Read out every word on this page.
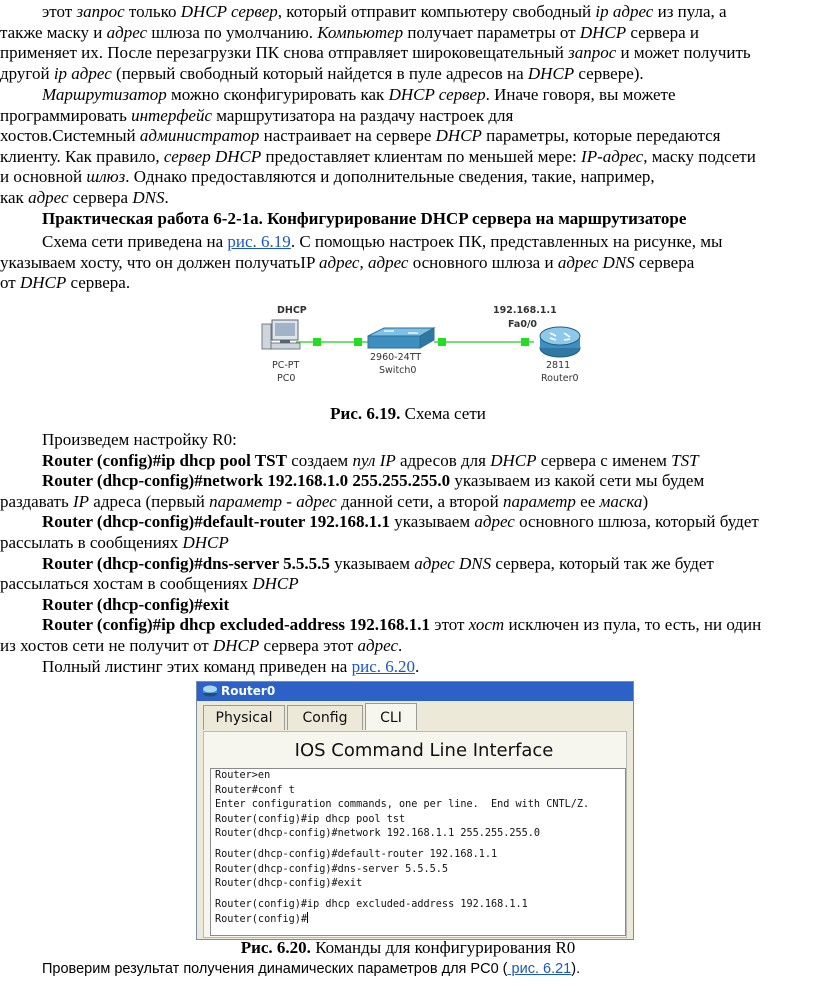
этот запрос только DHCP сервер, который отправит компьютеру свободный ip адрес из пула, а

также маску и адрес шлюза по умолчанию. Компьютер получает параметры от DHCP сервера и

применяет их. После перезагрузки ПК снова отправляет широковещательный запрос и может получить

другой ip адрес (первый свободный который найдется в пуле адресов на DHCP сервере).

Маршрутизатор можно сконфигурировать как DHCP сервер. Иначе говоря, вы можете

программировать интерфейс маршрутизатора на раздачу настроек для

хостов.Системный администратор настраивает на сервере DHCP параметры, которые передаются

клиенту. Как правило, сервер DHCP предоставляет клиентам по меньшей мере: IP-адрес, маску подсети

и основной шлюз. Однако предоставляются и дополнительные сведения, такие, например,

как адрес сервера DNS.

Практическая работа 6-2-1а. Конфигурирование DHCP сервера на маршрутизаторе

Схема сети приведена на рис. 6.19. С помощью настроек ПК, представленных на рисунке, мы

указываем хосту, что он должен получатьIP адрес, адрес основного шлюза и адрес DNS сервера

от DHCP сервера.

DHCP
PC-PT
PC0
2960-24TT
Switch0
192.168.1.1
Fa0/0
2811
Router0
Рис. 6.19. Схема сети

Произведем настройку R0:

Router (config)#ip dhcp pool TST создаем пул IP адресов для DHCP сервера с именем TST

Router (dhcp-config)#network 192.168.1.0 255.255.255.0 указываем из какой сети мы будем

раздавать IP адреса (первый параметр - адрес данной сети, а второй параметр ее маска)

Router (dhcp-config)#default-router 192.168.1.1 указываем адрес основного шлюза, который будет

рассылать в сообщениях DHCP

Router (dhcp-config)#dns-server 5.5.5.5 указываем адрес DNS сервера, который так же будет

рассылаться хостам в сообщениях DHCP

Router (dhcp-config)#exit

Router (config)#ip dhcp excluded-address 192.168.1.1 этот хост исключен из пула, то есть, ни один

из хостов сети не получит от DHCP сервера этот адрес.

Полный листинг этих команд приведен на рис. 6.20.

Router0
Physical	Config	CLI
IOS Command Line Interface
Router>en
Router#conf t
Enter configuration commands, one per line.  End with CNTL/Z.
Router(config)#ip dhcp pool tst
Router(dhcp-config)#network 192.168.1.1 255.255.255.0
Router(dhcp-config)#default-router 192.168.1.1
Router(dhcp-config)#dns-server 5.5.5.5
Router(dhcp-config)#exit
Router(config)#ip dhcp excluded-address 192.168.1.1
Router(config)#
Рис. 6.20. Команды для конфигурирования R0
Проверим результат получения динамических параметров для PC0 ( рис. 6.21).
